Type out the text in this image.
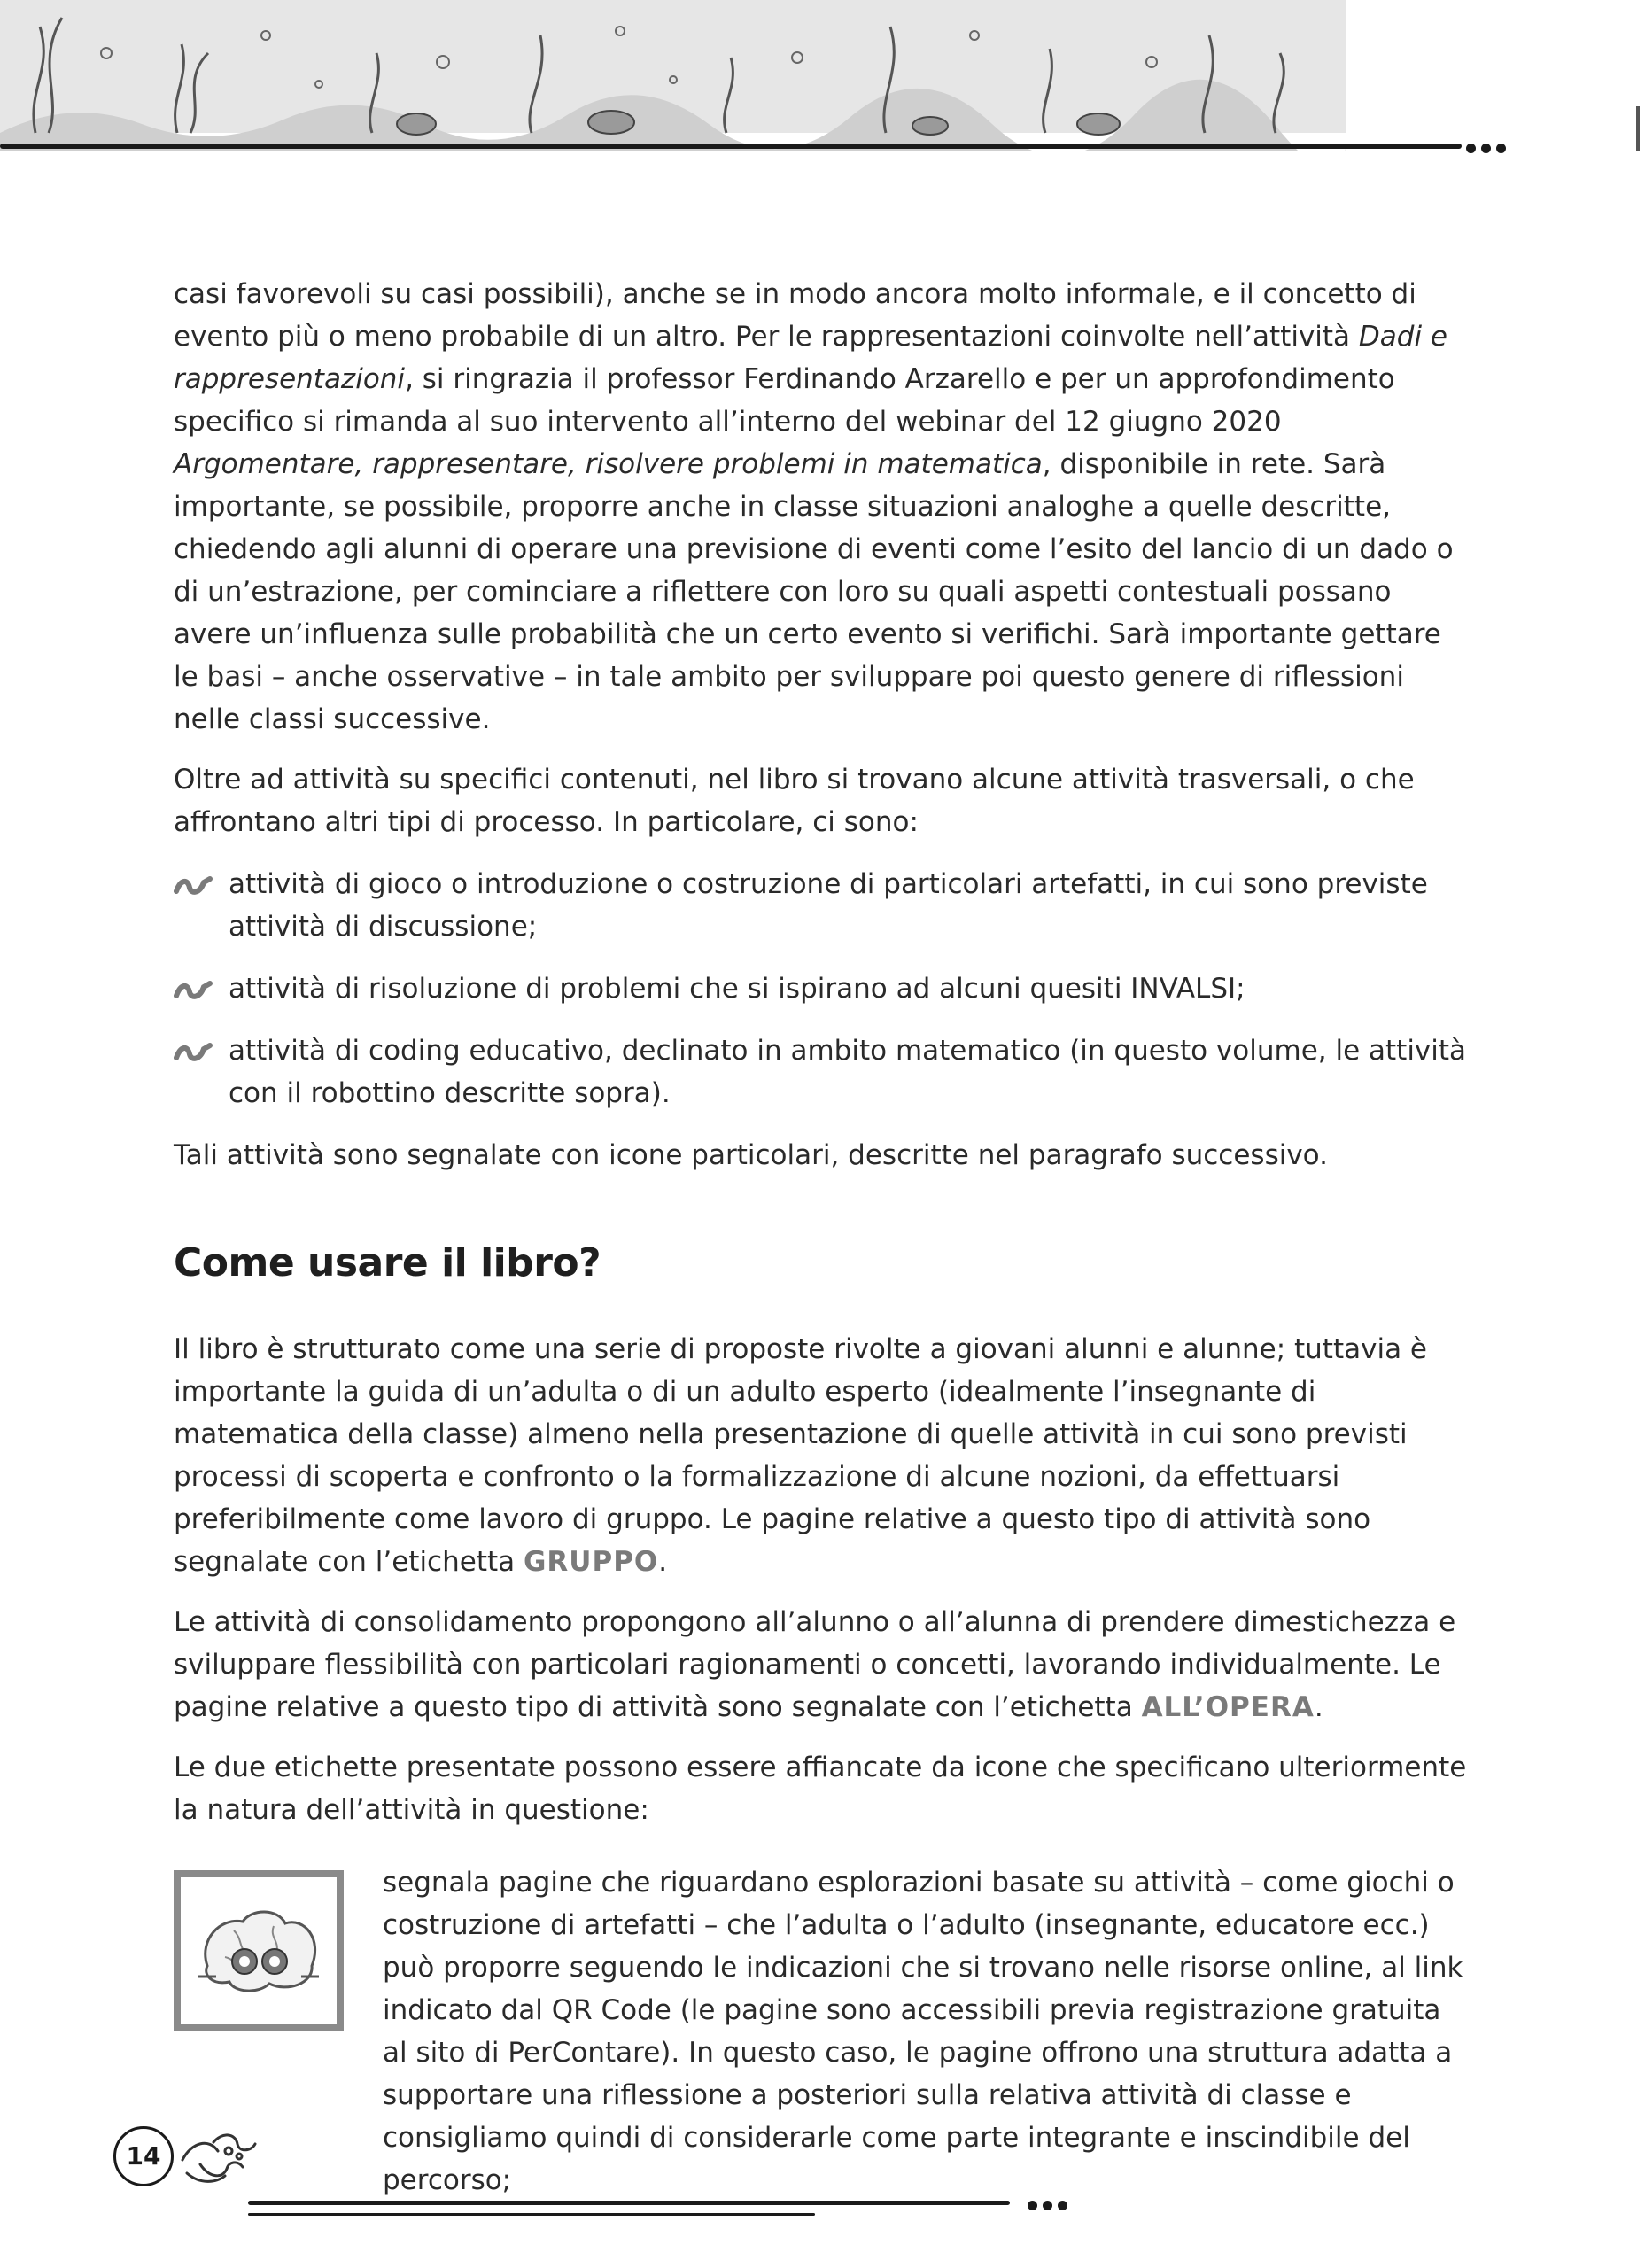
casi favorevoli su casi possibili), anche se in modo ancora molto informale, e il concetto di evento più o meno probabile di un altro. Per le rappresentazioni coinvolte nell’attività Dadi e rappresentazioni, si ringrazia il professor Ferdinando Arzarello e per un approfondimento specifico si rimanda al suo intervento all’interno del webinar del 12 giugno 2020 Argomentare, rappresentare, risolvere problemi in matematica, disponibile in rete. Sarà importante, se possibile, proporre anche in classe situazioni analoghe a quelle descritte, chiedendo agli alunni di operare una previsione di eventi come l’esito del lancio di un dado o di un’estrazione, per cominciare a riflettere con loro su quali aspetti contestuali possano avere un’influenza sulle probabilità che un certo evento si verifichi. Sarà importante gettare le basi – anche osservative – in tale ambito per sviluppare poi questo genere di riflessioni nelle classi successive.

Oltre ad attività su specifici contenuti, nel libro si trovano alcune attività trasversali, o che affrontano altri tipi di processo. In particolare, ci sono:

attività di gioco o introduzione o costruzione di particolari artefatti, in cui sono previste attività di discussione;
attività di risoluzione di problemi che si ispirano ad alcuni quesiti INVALSI;
attività di coding educativo, declinato in ambito matematico (in questo volume, le attività con il robottino descritte sopra).

Tali attività sono segnalate con icone particolari, descritte nel paragrafo successivo.

Come usare il libro?

Il libro è strutturato come una serie di proposte rivolte a giovani alunni e alunne; tuttavia è importante la guida di un’adulta o di un adulto esperto (idealmente l’insegnante di matematica della classe) almeno nella presentazione di quelle attività in cui sono previsti processi di scoperta e confronto o la formalizzazione di alcune nozioni, da effettuarsi preferibilmente come lavoro di gruppo. Le pagine relative a questo tipo di attività sono segnalate con l’etichetta GRUPPO.

Le attività di consolidamento propongono all’alunno o all’alunna di prendere dimestichezza e sviluppare flessibilità con particolari ragionamenti o concetti, lavorando individualmente. Le pagine relative a questo tipo di attività sono segnalate con l’etichetta ALL’OPERA.

Le due etichette presentate possono essere affiancate da icone che specificano ulteriormente la natura dell’attività in questione:

segnala pagine che riguardano esplorazioni basate su attività – come giochi o costruzione di artefatti – che l’adulta o l’adulto (insegnante, educatore ecc.) può proporre seguendo le indicazioni che si trovano nelle risorse online, al link indicato dal QR Code (le pagine sono accessibili previa registrazione gratuita al sito di PerContare). In questo caso, le pagine offrono una struttura adatta a supportare una riflessione a posteriori sulla relativa attività di classe e consigliamo quindi di considerarle come parte integrante e inscindibile del percorso;

14
